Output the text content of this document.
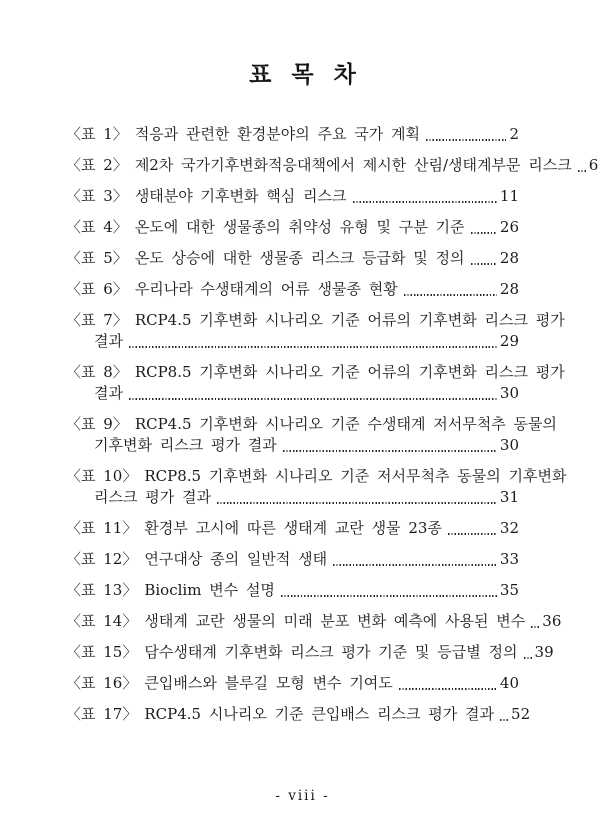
표 목 차
〈표 1〉 적응과 관련한 환경분야의 주요 국가 계획	2
〈표 2〉 제2차 국가기후변화적응대책에서 제시한 산림/생태계부문 리스크 6
〈표 3〉 생태분야 기후변화 핵심 리스크	11
〈표 4〉 온도에 대한 생물종의 취약성 유형 및 구분 기준 26
〈표 5〉 온도 상승에 대한 생물종 리스크 등급화 및 정의 28
〈표 6〉 우리나라 수생태계의 어류 생물종 현황	28
〈표 7〉 RCP4.5 기후변화 시나리오 기준 어류의 기후변화 리스크 평가
결과	29
〈표 8〉 RCP8.5 기후변화 시나리오 기준 어류의 기후변화 리스크 평가
결과	30
〈표 9〉 RCP4.5 기후변화 시나리오 기준 수생태계 저서무척추 동물의
기후변화 리스크 평가 결과	30
〈표 10〉 RCP8.5 기후변화 시나리오 기준 저서무척추 동물의 기후변화
리스크 평가 결과	31
〈표 11〉 환경부 고시에 따른 생태계 교란 생물 23종	32
〈표 12〉 연구대상 종의 일반적 생태	33
〈표 13〉 Bioclim 변수 설명	35
〈표 14〉 생태계 교란 생물의 미래 분포 변화 예측에 사용된 변수 36
〈표 15〉 담수생태계 기후변화 리스크 평가 기준 및 등급별 정의 39
〈표 16〉 큰입배스와 블루길 모형 변수 기여도	40
〈표 17〉 RCP4.5 시나리오 기준 큰입배스 리스크 평가 결과 52
- viii -
